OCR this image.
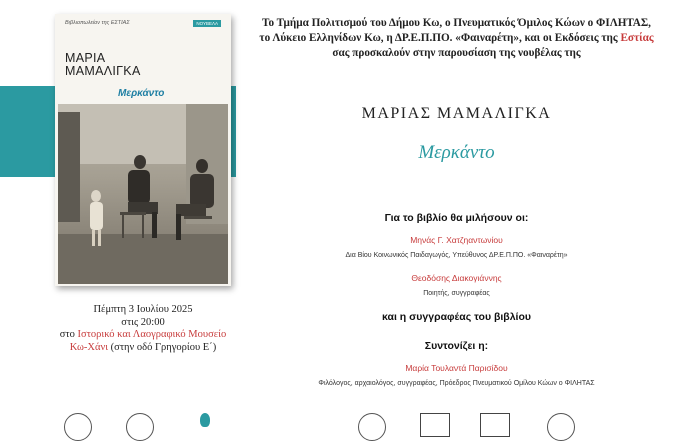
Το Τμήμα Πολιτισμού του Δήμου Κω, ο Πνευματικός Όμιλος Κώων ο ΦΙΛΗΤΑΣ,
το Λύκειο Ελληνίδων Κω, η ΔΡ.Ε.Π.ΠΟ. «Φαιναρέτη», και οι Εκδόσεις της Εστίας
σας προσκαλούν στην παρουσίαση της νουβέλας της
ΜΑΡΙΑΣ ΜΑΜΑΛΙΓΚΑ
Μερκάντο
Βιβλιοπωλείον της ΕΣΤΙΑΣ	ΝΟΥΒΕΛΑ
ΜΑΡΙΑ
ΜΑΜΑΛΙΓΚΑ
Μερκάντο
Πέμπτη 3 Ιουλίου 2025
στις 20:00
στο Ιστορικό και Λαογραφικό Μουσείο
Κω-Χάνι (στην οδό Γρηγορίου Ε΄)
Για το βιβλίο θα μιλήσουν οι:
Μηνάς Γ. Χατζηαντωνίου
Δια Βίου Κοινωνικός Παιδαγωγός, Υπεύθυνος ΔΡ.Ε.Π.ΠΟ. «Φαιναρέτη»
Θεοδόσης Διακογιάννης
Ποιητής, συγγραφέας
και η συγγραφέας του βιβλίου
Συντονίζει η:
Μαρία Τουλαντά Παρισίδου
Φιλόλογος, αρχαιολόγος, συγγραφέας, Πρόεδρος Πνευματικού Ομίλου Κώων ο ΦΙΛΗΤΑΣ
